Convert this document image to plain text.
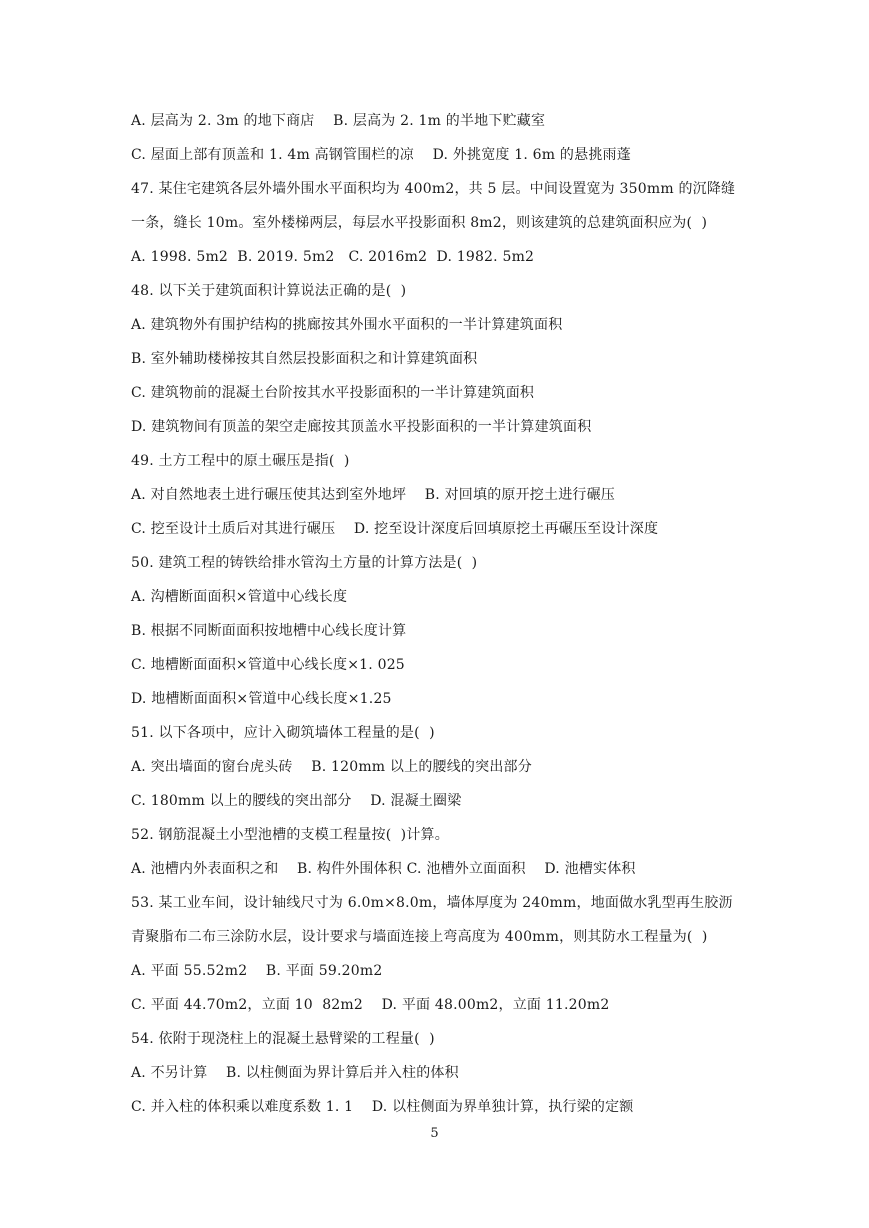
A. 层高为 2. 3m 的地下商店    B. 层高为 2. 1m 的半地下贮藏室
C. 屋面上部有顶盖和 1. 4m 高钢管围栏的凉    D. 外挑宽度 1. 6m 的悬挑雨蓬
47. 某住宅建筑各层外墙外围水平面积均为 400m2，共 5 层。中间设置宽为 350mm 的沉降缝
一条，缝长 10m。室外楼梯两层，每层水平投影面积 8m2，则该建筑的总建筑面积应为(  )
A. 1998. 5m2  B. 2019. 5m2   C. 2016m2  D. 1982. 5m2
48. 以下关于建筑面积计算说法正确的是(  )
A. 建筑物外有围护结构的挑廊按其外围水平面积的一半计算建筑面积
B. 室外辅助楼梯按其自然层投影面积之和计算建筑面积
C. 建筑物前的混凝土台阶按其水平投影面积的一半计算建筑面积
D. 建筑物间有顶盖的架空走廊按其顶盖水平投影面积的一半计算建筑面积
49. 土方工程中的原土碾压是指(  )
A. 对自然地表土进行碾压使其达到室外地坪    B. 对回填的原开挖土进行碾压
C. 挖至设计土质后对其进行碾压    D. 挖至设计深度后回填原挖土再碾压至设计深度
50. 建筑工程的铸铁给排水管沟土方量的计算方法是(  )
A. 沟槽断面面积×管道中心线长度
B. 根据不同断面面积按地槽中心线长度计算
C. 地槽断面面积×管道中心线长度×1. 025
D. 地槽断面面积×管道中心线长度×1.25
51. 以下各项中，应计入砌筑墙体工程量的是(  )
A. 突出墙面的窗台虎头砖    B. 120mm 以上的腰线的突出部分
C. 180mm 以上的腰线的突出部分    D. 混凝土圈梁
52. 钢筋混凝土小型池槽的支模工程量按(  )计算。
A. 池槽内外表面积之和    B. 构件外围体积 C. 池槽外立面面积    D. 池槽实体积
53. 某工业车间，设计轴线尺寸为 6.0m×8.0m，墙体厚度为 240mm，地面做水乳型再生胶沥
青聚脂布二布三涂防水层，设计要求与墙面连接上弯高度为 400mm，则其防水工程量为(  )
A. 平面 55.52m2    B. 平面 59.20m2
C. 平面 44.70m2，立面 10  82m2    D. 平面 48.00m2，立面 11.20m2
54. 依附于现浇柱上的混凝土悬臂梁的工程量(  )
A. 不另计算    B. 以柱侧面为界计算后并入柱的体积
C. 并入柱的体积乘以难度系数 1. 1    D. 以柱侧面为界单独计算，执行梁的定额
5
